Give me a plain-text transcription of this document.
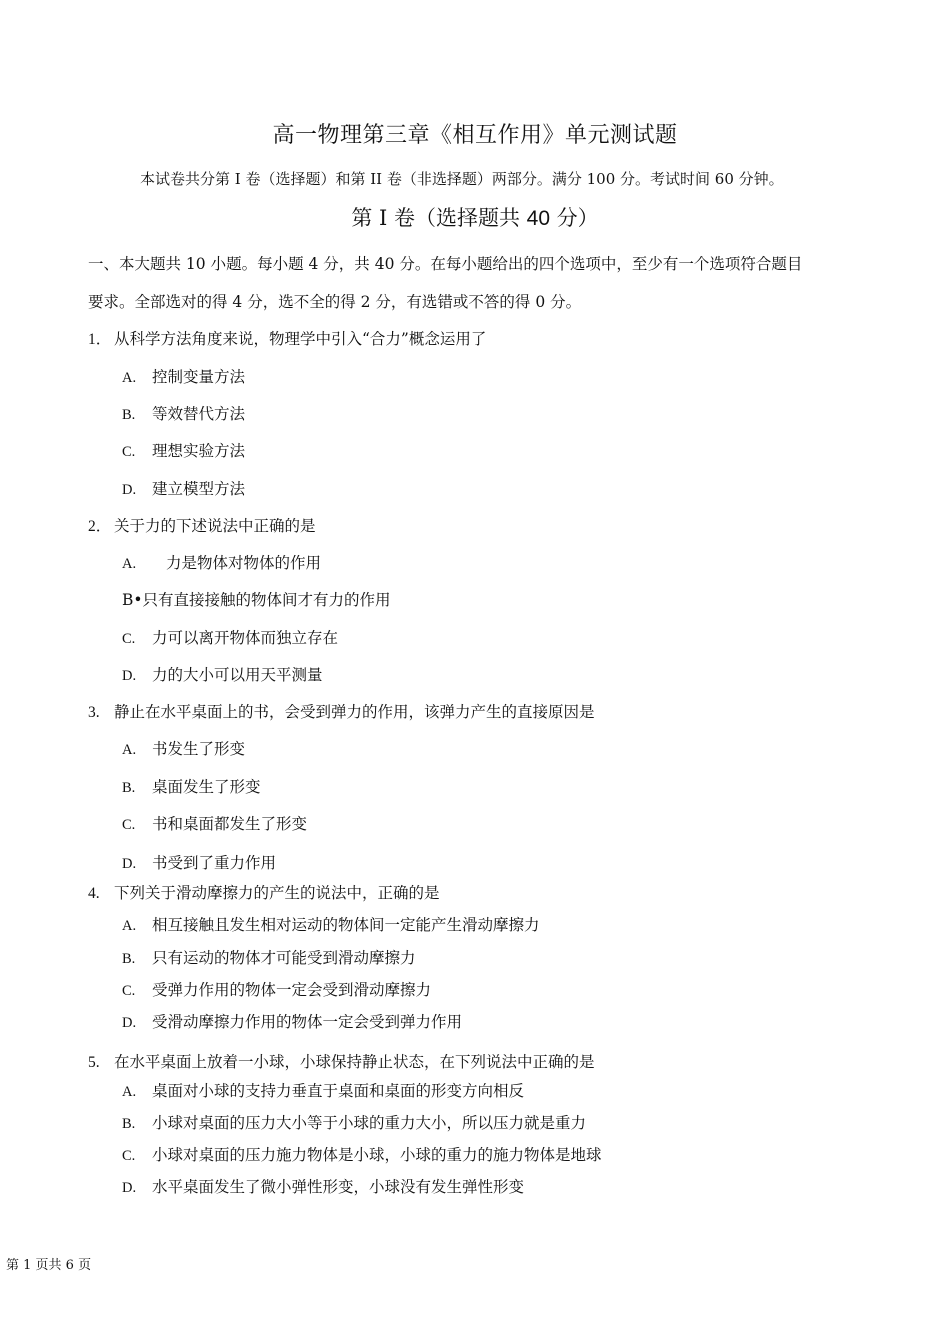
高一物理第三章《相互作用》单元测试题
本试卷共分第 I 卷（选择题）和第 II 卷（非选择题）两部分。满分 100 分。考试时间 60 分钟。
第 I 卷（选择题共 40 分）
一、本大题共 10 小题。每小题 4 分，共 40 分。在每小题给出的四个选项中，至少有一个选项符合题目
要求。全部选对的得 4 分，选不全的得 2 分，有选错或不答的得 0 分。
1． 从科学方法角度来说，物理学中引入“合力”概念运用了
A. 控制变量方法
B. 等效替代方法
C. 理想实验方法
D. 建立模型方法
2． 关于力的下述说法中正确的是
A. 力是物体对物体的作用
B•只有直接接触的物体间才有力的作用
C. 力可以离开物体而独立存在
D. 力的大小可以用天平测量
3. 静止在水平桌面上的书，会受到弹力的作用，该弹力产生的直接原因是
A. 书发生了形变
B. 桌面发生了形变
C. 书和桌面都发生了形变
D. 书受到了重力作用
4. 下列关于滑动摩擦力的产生的说法中，正确的是
A. 相互接触且发生相对运动的物体间一定能产生滑动摩擦力
B. 只有运动的物体才可能受到滑动摩擦力
C. 受弹力作用的物体一定会受到滑动摩擦力
D. 受滑动摩擦力作用的物体一定会受到弹力作用
5. 在水平桌面上放着一小球，小球保持静止状态，在下列说法中正确的是
A. 桌面对小球的支持力垂直于桌面和桌面的形变方向相反
B. 小球对桌面的压力大小等于小球的重力大小，所以压力就是重力
C. 小球对桌面的压力施力物体是小球，小球的重力的施力物体是地球
D. 水平桌面发生了微小弹性形变，小球没有发生弹性形变
第 1 页共 6 页
